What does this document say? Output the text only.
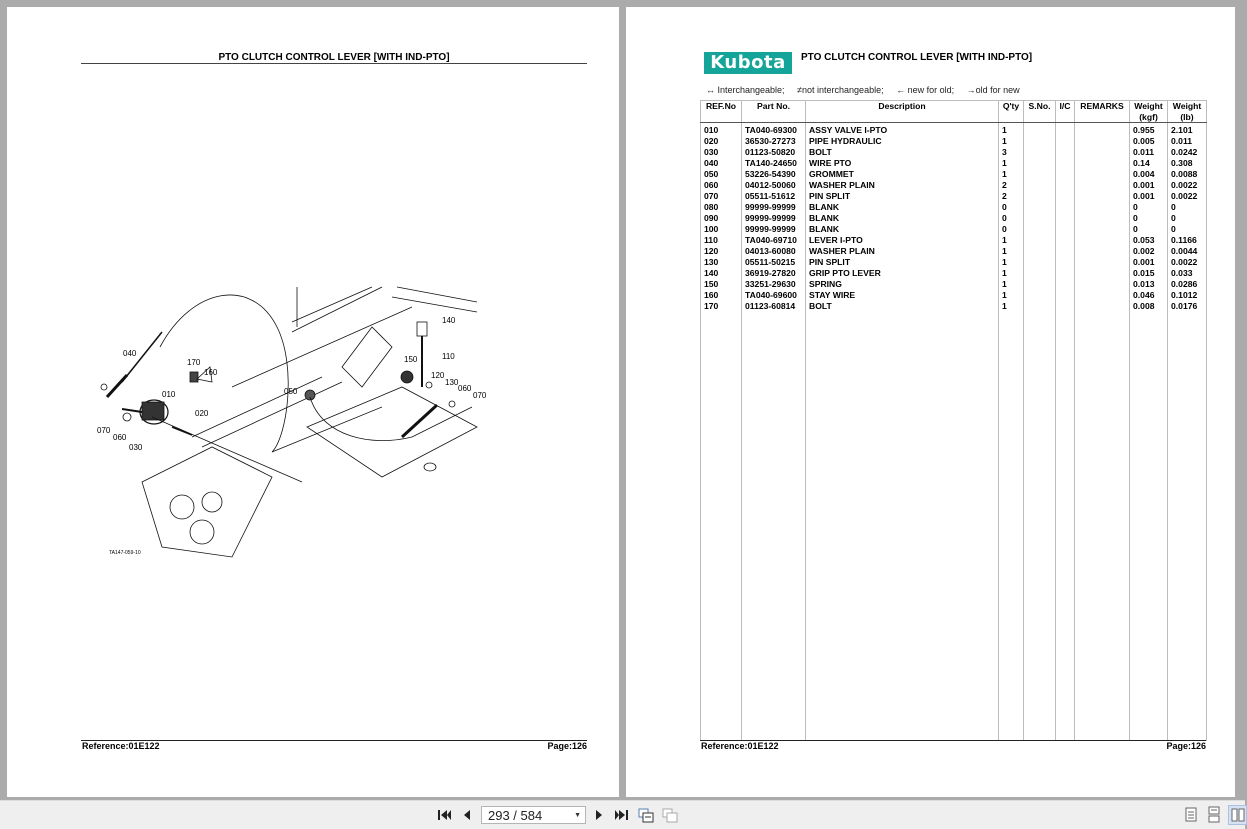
PTO CLUTCH CONTROL LEVER [WITH IND-PTO]
040
170
160
010
020
070
060
030
050
140
150	110
120
130
060
070
TA147-059-10
Reference:01E122	Page:126
Kubota	PTO CLUTCH CONTROL LEVER [WITH IND-PTO]
↔ Interchangeable; ≠not interchangeable; ← new for old; →old for new
REF.No	Part No.	Description	Q'ty	S.No.	I/C	REMARKS	Weight (kgf)	Weight (lb)
010	TA040-69300	ASSY VALVE I-PTO	1				0.955	2.101
020	36530-27273	PIPE HYDRAULIC	1				0.005	0.011
030	01123-50820	BOLT	3				0.011	0.0242
040	TA140-24650	WIRE PTO	1				0.14	0.308
050	53226-54390	GROMMET	1				0.004	0.0088
060	04012-50060	WASHER PLAIN	2				0.001	0.0022
070	05511-51612	PIN SPLIT	2				0.001	0.0022
080	99999-99999	BLANK	0				0	0
090	99999-99999	BLANK	0				0	0
100	99999-99999	BLANK	0				0	0
110	TA040-69710	LEVER I-PTO	1				0.053	0.1166
120	04013-60080	WASHER PLAIN	1				0.002	0.0044
130	05511-50215	PIN SPLIT	1				0.001	0.0022
140	36919-27820	GRIP PTO LEVER	1				0.015	0.033
150	33251-29630	SPRING	1				0.013	0.0286
160	TA040-69600	STAY WIRE	1				0.046	0.1012
170	01123-60814	BOLT	1				0.008	0.0176

Reference:01E122	Page:126
293 / 584	▼
